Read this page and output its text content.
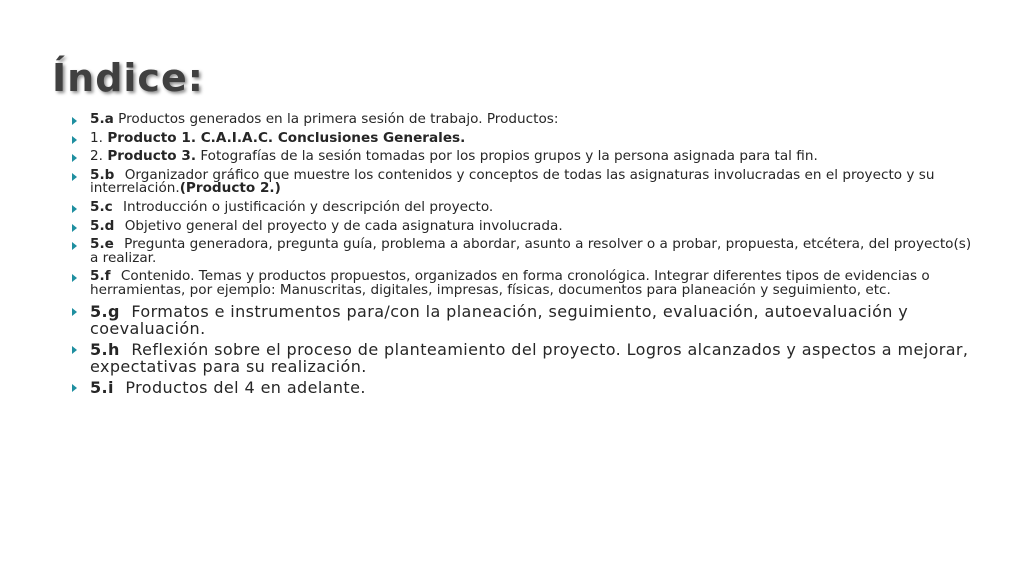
Índice:
5.a Productos generados en la primera sesión de trabajo. Productos:
1. Producto 1. C.A.I.A.C. Conclusiones Generales.
2. Producto 3. Fotografías de la sesión tomadas por los propios grupos y la persona asignada para tal fin.
5.b Organizador gráfico que muestre los contenidos y conceptos de todas las asignaturas involucradas en el proyecto y su interrelación.(Producto 2.)
5.c Introducción o justificación y descripción del proyecto.
5.d Objetivo general del proyecto y de cada asignatura involucrada.
5.e Pregunta generadora, pregunta guía, problema a abordar, asunto a resolver o a probar, propuesta, etcétera, del proyecto(s) a realizar.
5.f Contenido. Temas y productos propuestos, organizados en forma cronológica. Integrar diferentes tipos de evidencias o herramientas, por ejemplo: Manuscritas, digitales, impresas, físicas, documentos para planeación y seguimiento, etc.
5.g Formatos e instrumentos para/con la planeación, seguimiento, evaluación, autoevaluación y coevaluación.
5.h Reflexión sobre el proceso de planteamiento del proyecto. Logros alcanzados y aspectos a mejorar, expectativas para su realización.
5.i Productos del 4 en adelante.
